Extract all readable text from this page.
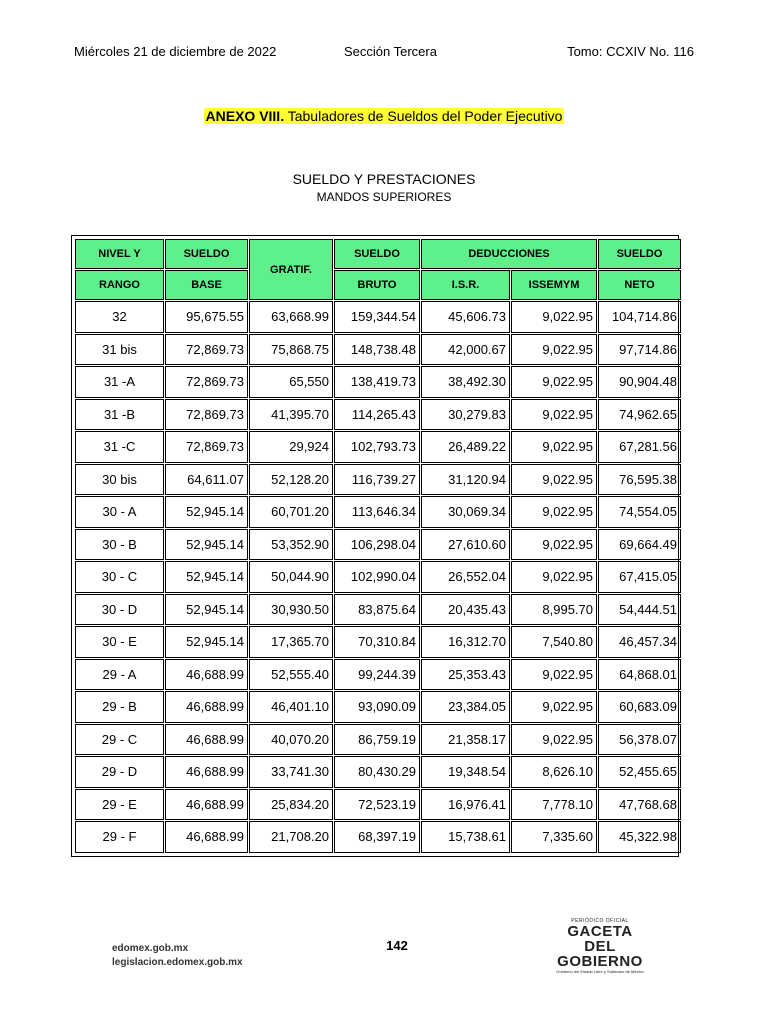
Miércoles 21 de diciembre de 2022	Sección Tercera	Tomo: CCXIV No. 116
ANEXO VIII. Tabuladores de Sueldos del Poder Ejecutivo
SUELDO Y PRESTACIONES
MANDOS SUPERIORES
NIVEL Y	SUELDO	GRATIF.	SUELDO	DEDUCCIONES		SUELDO
RANGO	BASE		BRUTO	I.S.R.	ISSEMYM	NETO
32	95,675.55	63,668.99	159,344.54	45,606.73	9,022.95	104,714.86
31 bis	72,869.73	75,868.75	148,738.48	42,000.67	9,022.95	97,714.86
31 -A	72,869.73	65,550	138,419.73	38,492.30	9,022.95	90,904.48
31 -B	72,869.73	41,395.70	114,265.43	30,279.83	9,022.95	74,962.65
31 -C	72,869.73	29,924	102,793.73	26,489.22	9,022.95	67,281.56
30 bis	64,611.07	52,128.20	116,739.27	31,120.94	9,022.95	76,595.38
30 - A	52,945.14	60,701.20	113,646.34	30,069.34	9,022.95	74,554.05
30 - B	52,945.14	53,352.90	106,298.04	27,610.60	9,022.95	69,664.49
30 - C	52,945.14	50,044.90	102,990.04	26,552.04	9,022.95	67,415.05
30 - D	52,945.14	30,930.50	83,875.64	20,435.43	8,995.70	54,444.51
30 - E	52,945.14	17,365.70	70,310.84	16,312.70	7,540.80	46,457.34
29 - A	46,688.99	52,555.40	99,244.39	25,353.43	9,022.95	64,868.01
29 - B	46,688.99	46,401.10	93,090.09	23,384.05	9,022.95	60,683.09
29 - C	46,688.99	40,070.20	86,759.19	21,358.17	9,022.95	56,378.07
29 - D	46,688.99	33,741.30	80,430.29	19,348.54	8,626.10	52,455.65
29 - E	46,688.99	25,834.20	72,523.19	16,976.41	7,778.10	47,768.68
29 - F	46,688.99	21,708.20	68,397.19	15,738.61	7,335.60	45,322.98
edomex.gob.mx
legislacion.edomex.gob.mx
142
PERIÓDICO OFICIAL
GACETA
DEL GOBIERNO
Gobierno del Estado Libre y Soberano de México
